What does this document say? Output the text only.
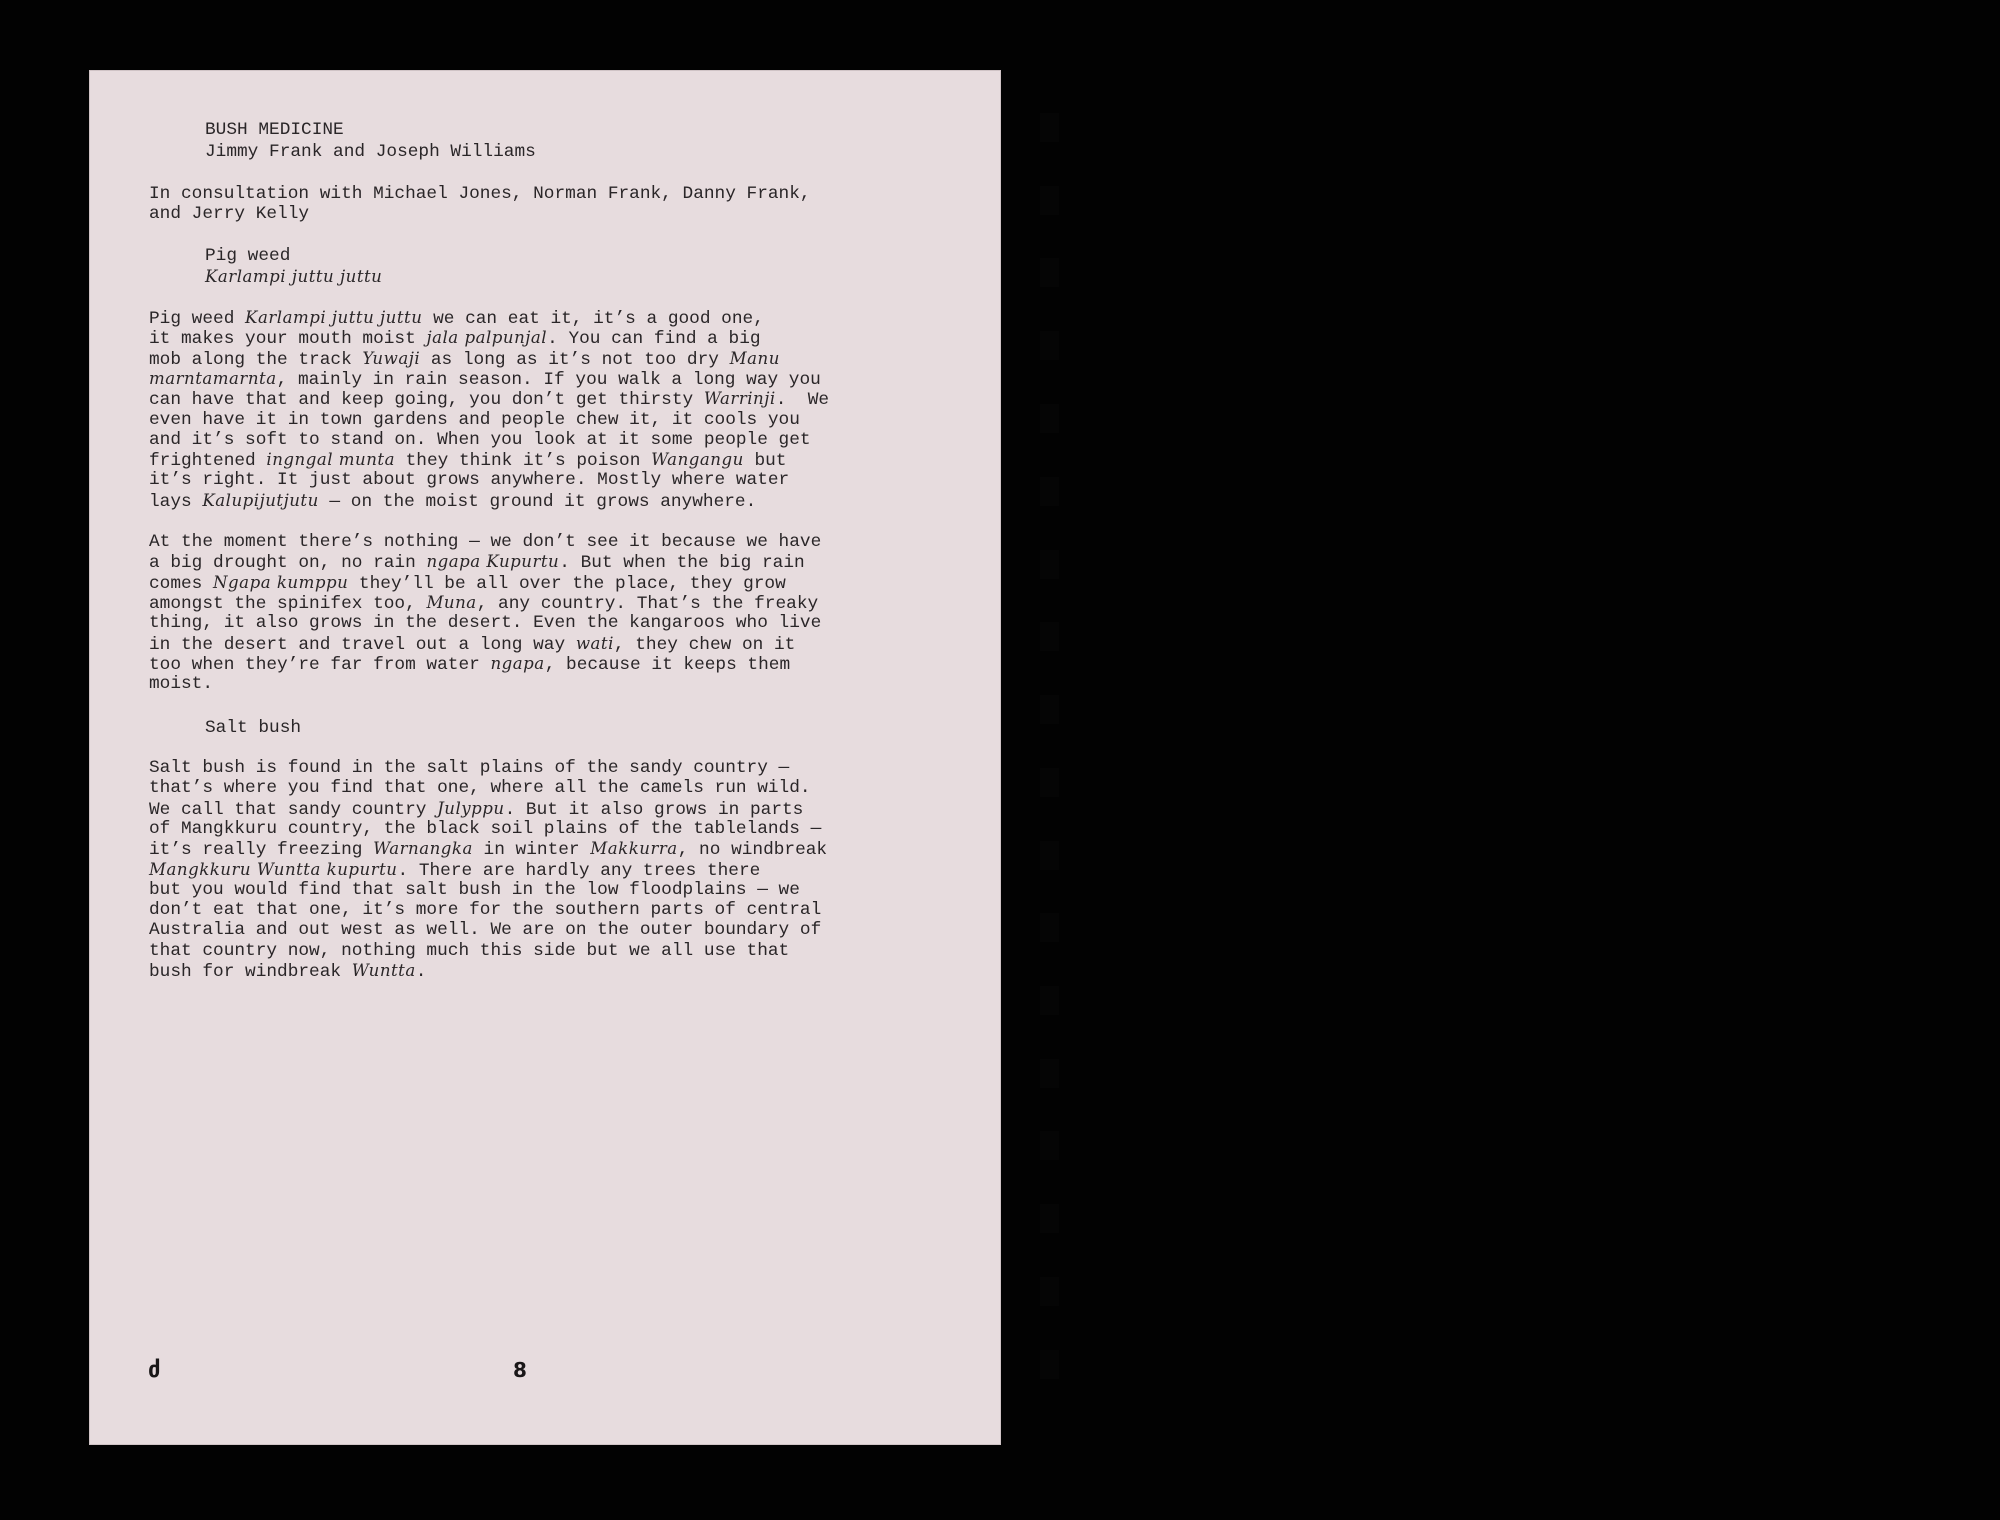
BUSH MEDICINE

Jimmy Frank and Joseph Williams

In consultation with Michael Jones, Norman Frank, Danny Frank,

and Jerry Kelly

Pig weed

Karlampi juttu juttu

Pig weed Karlampi juttu juttu we can eat it, it’s a good one,

it makes your mouth moist jala palpunjal. You can find a big

mob along the track Yuwaji as long as it’s not too dry Manu

marntamarnta, mainly in rain season. If you walk a long way you

can have that and keep going, you don’t get thirsty Warrinji.  We

even have it in town gardens and people chew it, it cools you

and it’s soft to stand on. When you look at it some people get

frightened ingngal munta they think it’s poison Wangangu but

it’s right. It just about grows anywhere. Mostly where water

lays Kalupijutjutu — on the moist ground it grows anywhere.

At the moment there’s nothing — we don’t see it because we have

a big drought on, no rain ngapa Kupurtu. But when the big rain

comes Ngapa kumppu they’ll be all over the place, they grow

amongst the spinifex too, Muna, any country. That’s the freaky

thing, it also grows in the desert. Even the kangaroos who live

in the desert and travel out a long way wati, they chew on it

too when they’re far from water ngapa, because it keeps them

moist.

Salt bush

Salt bush is found in the salt plains of the sandy country —

that’s where you find that one, where all the camels run wild.

We call that sandy country Julyppu. But it also grows in parts

of Mangkkuru country, the black soil plains of the tablelands —

it’s really freezing Warnangka in winter Makkurra, no windbreak

Mangkkuru Wuntta kupurtu. There are hardly any trees there

but you would find that salt bush in the low floodplains — we

don’t eat that one, it’s more for the southern parts of central

Australia and out west as well. We are on the outer boundary of

that country now, nothing much this side but we all use that

bush for windbreak Wuntta.

ძ	8
